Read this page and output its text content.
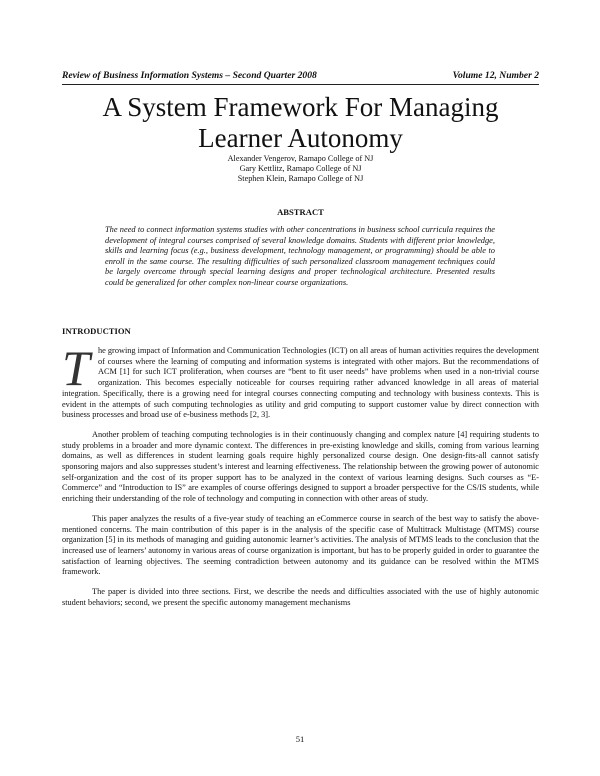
Review of Business Information Systems – Second Quarter 2008	Volume 12, Number 2
A System Framework For Managing
Learner Autonomy
Alexander Vengerov, Ramapo College of NJ
Gary Kettlitz, Ramapo College of NJ
Stephen Klein, Ramapo College of NJ
ABSTRACT
The need to connect information systems studies with other concentrations in business school curricula requires the development of integral courses comprised of several knowledge domains. Students with different prior knowledge, skills and learning focus (e.g., business development, technology management, or programming) should be able to enroll in the same course. The resulting difficulties of such personalized classroom management techniques could be largely overcome through special learning designs and proper technological architecture. Presented results could be generalized for other complex non-linear course organizations.
INTRODUCTION

The growing impact of Information and Communication Technologies (ICT) on all areas of human activities requires the development of courses where the learning of computing and information systems is integrated with other majors. But the recommendations of ACM [1] for such ICT proliferation, when courses are “bent to fit user needs” have problems when used in a non-trivial course organization. This becomes especially noticeable for courses requiring rather advanced knowledge in all areas of material integration. Specifically, there is a growing need for integral courses connecting computing and technology with business contexts. This is evident in the attempts of such computing technologies as utility and grid computing to support customer value by direct connection with business processes and broad use of e-business methods [2, 3].

Another problem of teaching computing technologies is in their continuously changing and complex nature [4] requiring students to study problems in a broader and more dynamic context. The differences in pre-existing knowledge and skills, coming from various learning domains, as well as differences in student learning goals require highly personalized course design. One design-fits-all cannot satisfy sponsoring majors and also suppresses student’s interest and learning effectiveness. The relationship between the growing power of autonomic self-organization and the cost of its proper support has to be analyzed in the context of various learning designs. Such courses as “E-Commerce” and “Introduction to IS” are examples of course offerings designed to support a broader perspective for the CS/IS students, while enriching their understanding of the role of technology and computing in connection with other areas of study.

This paper analyzes the results of a five-year study of teaching an eCommerce course in search of the best way to satisfy the above-mentioned concerns. The main contribution of this paper is in the analysis of the specific case of Multitrack Multistage (MTMS) course organization [5] in its methods of managing and guiding autonomic learner’s activities. The analysis of MTMS leads to the conclusion that the increased use of learners’ autonomy in various areas of course organization is important, but has to be properly guided in order to guarantee the satisfaction of learning objectives. The seeming contradiction between autonomy and its guidance can be resolved within the MTMS framework.

The paper is divided into three sections. First, we describe the needs and difficulties associated with the use of highly autonomic student behaviors; second, we present the specific autonomy management mechanisms

51
